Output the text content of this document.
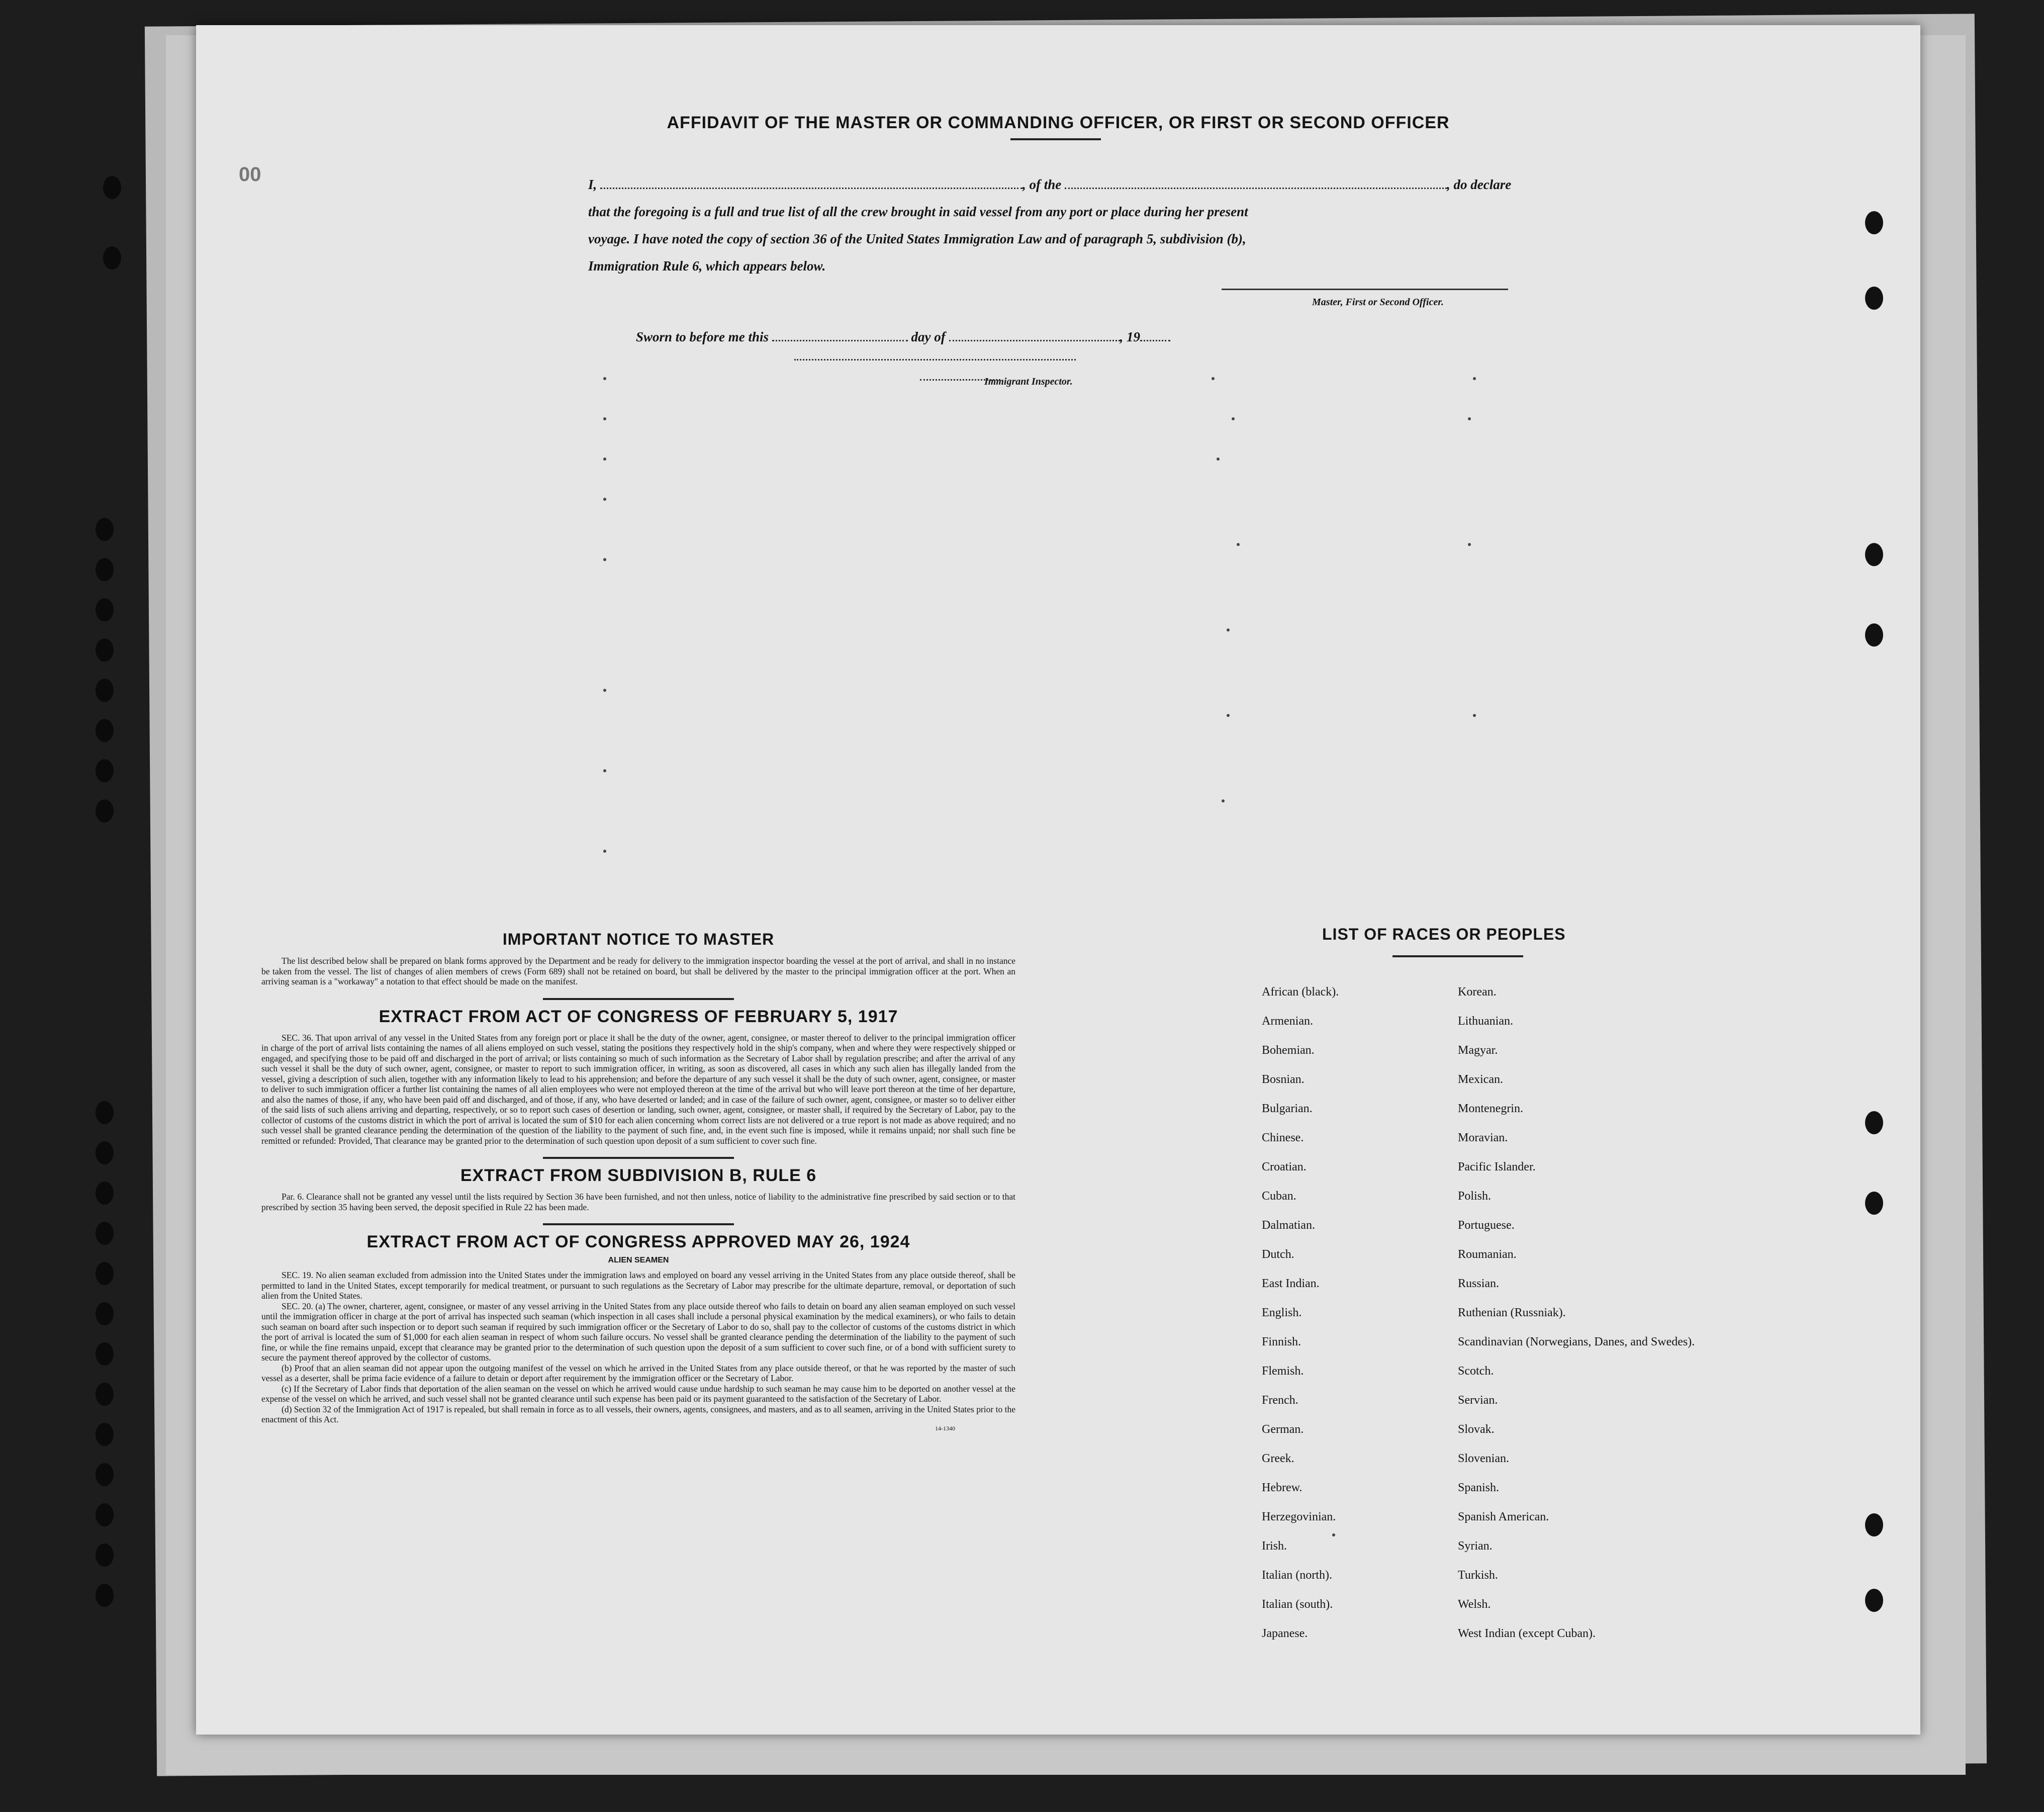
00
AFFIDAVIT OF THE MASTER OR COMMANDING OFFICER, OR FIRST OR SECOND OFFICER
I,	, of the	, do declare
that the foregoing is a full and true list of all the crew brought in said vessel from any port or place during her present
voyage. I have noted the copy of section 36 of the United States Immigration Law and of paragraph 5, subdivision (b),
Immigration Rule 6, which appears below.
Master, First or Second Officer.
Sworn to before me this	day of	, 19
Immigrant Inspector.
IMPORTANT NOTICE TO MASTER

The list described below shall be prepared on blank forms approved by the Department and be ready for delivery to the immigration inspector boarding the vessel at the port of arrival, and shall in no instance be taken from the vessel. The list of changes of alien members of crews (Form 689) shall not be retained on board, but shall be delivered by the master to the principal immigration officer at the port. When an arriving seaman is a "workaway" a notation to that effect should be made on the manifest.

EXTRACT FROM ACT OF CONGRESS OF FEBRUARY 5, 1917

SEC. 36. That upon arrival of any vessel in the United States from any foreign port or place it shall be the duty of the owner, agent, consignee, or master thereof to deliver to the principal immigration officer in charge of the port of arrival lists containing the names of all aliens employed on such vessel, stating the positions they respectively hold in the ship's company, when and where they were respectively shipped or engaged, and specifying those to be paid off and discharged in the port of arrival; or lists containing so much of such information as the Secretary of Labor shall by regulation prescribe; and after the arrival of any such vessel it shall be the duty of such owner, agent, consignee, or master to report to such immigration officer, in writing, as soon as discovered, all cases in which any such alien has illegally landed from the vessel, giving a description of such alien, together with any information likely to lead to his apprehension; and before the departure of any such vessel it shall be the duty of such owner, agent, consignee, or master to deliver to such immigration officer a further list containing the names of all alien employees who were not employed thereon at the time of the arrival but who will leave port thereon at the time of her departure, and also the names of those, if any, who have been paid off and discharged, and of those, if any, who have deserted or landed; and in case of the failure of such owner, agent, consignee, or master so to deliver either of the said lists of such aliens arriving and departing, respectively, or so to report such cases of desertion or landing, such owner, agent, consignee, or master shall, if required by the Secretary of Labor, pay to the collector of customs of the customs district in which the port of arrival is located the sum of $10 for each alien concerning whom correct lists are not delivered or a true report is not made as above required; and no such vessel shall be granted clearance pending the determination of the question of the liability to the payment of such fine, and, in the event such fine is imposed, while it remains unpaid; nor shall such fine be remitted or refunded: Provided, That clearance may be granted prior to the determination of such question upon deposit of a sum sufficient to cover such fine.

EXTRACT FROM SUBDIVISION B, RULE 6

Par. 6. Clearance shall not be granted any vessel until the lists required by Section 36 have been furnished, and not then unless, notice of liability to the administrative fine prescribed by said section or to that prescribed by section 35 having been served, the deposit specified in Rule 22 has been made.

EXTRACT FROM ACT OF CONGRESS APPROVED MAY 26, 1924
ALIEN SEAMEN

SEC. 19. No alien seaman excluded from admission into the United States under the immigration laws and employed on board any vessel arriving in the United States from any place outside thereof, shall be permitted to land in the United States, except temporarily for medical treatment, or pursuant to such regulations as the Secretary of Labor may prescribe for the ultimate departure, removal, or deportation of such alien from the United States.

SEC. 20. (a) The owner, charterer, agent, consignee, or master of any vessel arriving in the United States from any place outside thereof who fails to detain on board any alien seaman employed on such vessel until the immigration officer in charge at the port of arrival has inspected such seaman (which inspection in all cases shall include a personal physical examination by the medical examiners), or who fails to detain such seaman on board after such inspection or to deport such seaman if required by such immigration officer or the Secretary of Labor to do so, shall pay to the collector of customs of the customs district in which the port of arrival is located the sum of $1,000 for each alien seaman in respect of whom such failure occurs. No vessel shall be granted clearance pending the determination of the liability to the payment of such fine, or while the fine remains unpaid, except that clearance may be granted prior to the determination of such question upon the deposit of a sum sufficient to cover such fine, or of a bond with sufficient surety to secure the payment thereof approved by the collector of customs.

(b) Proof that an alien seaman did not appear upon the outgoing manifest of the vessel on which he arrived in the United States from any place outside thereof, or that he was reported by the master of such vessel as a deserter, shall be prima facie evidence of a failure to detain or deport after requirement by the immigration officer or the Secretary of Labor.

(c) If the Secretary of Labor finds that deportation of the alien seaman on the vessel on which he arrived would cause undue hardship to such seaman he may cause him to be deported on another vessel at the expense of the vessel on which he arrived, and such vessel shall not be granted clearance until such expense has been paid or its payment guaranteed to the satisfaction of the Secretary of Labor.

(d) Section 32 of the Immigration Act of 1917 is repealed, but shall remain in force as to all vessels, their owners, agents, consignees, and masters, and as to all seamen, arriving in the United States prior to the enactment of this Act.

14-1340
LIST OF RACES OR PEOPLES
African (black).	Korean.
Armenian.	Lithuanian.
Bohemian.	Magyar.
Bosnian.	Mexican.
Bulgarian.	Montenegrin.
Chinese.	Moravian.
Croatian.	Pacific Islander.
Cuban.	Polish.
Dalmatian.	Portuguese.
Dutch.	Roumanian.
East Indian.	Russian.
English.	Ruthenian (Russniak).
Finnish.	Scandinavian (Norwegians, Danes, and Swedes).
Flemish.	Scotch.
French.	Servian.
German.	Slovak.
Greek.	Slovenian.
Hebrew.	Spanish.
Herzegovinian.	Spanish American.
Irish.	Syrian.
Italian (north).	Turkish.
Italian (south).	Welsh.
Japanese.	West Indian (except Cuban).
